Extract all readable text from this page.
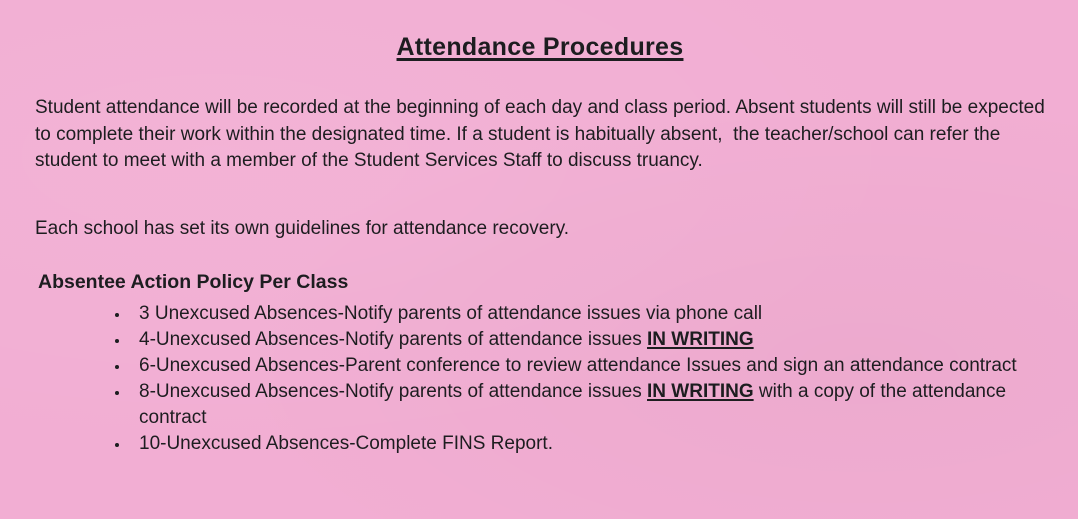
Attendance Procedures

Student attendance will be recorded at the beginning of each day and class period. Absent students will still be expected to complete their work within the designated time. If a student is habitually absent,  the teacher/school can refer the student to meet with a member of the Student Services Staff to discuss truancy.

Each school has set its own guidelines for attendance recovery.

Absentee Action Policy Per Class
• 3 Unexcused Absences-Notify parents of attendance issues via phone call
• 4-Unexcused Absences-Notify parents of attendance issues IN WRITING
• 6-Unexcused Absences-Parent conference to review attendance Issues and sign an attendance contract
• 8-Unexcused Absences-Notify parents of attendance issues IN WRITING with a copy of the attendance contract
• 10-Unexcused Absences-Complete FINS Report.
